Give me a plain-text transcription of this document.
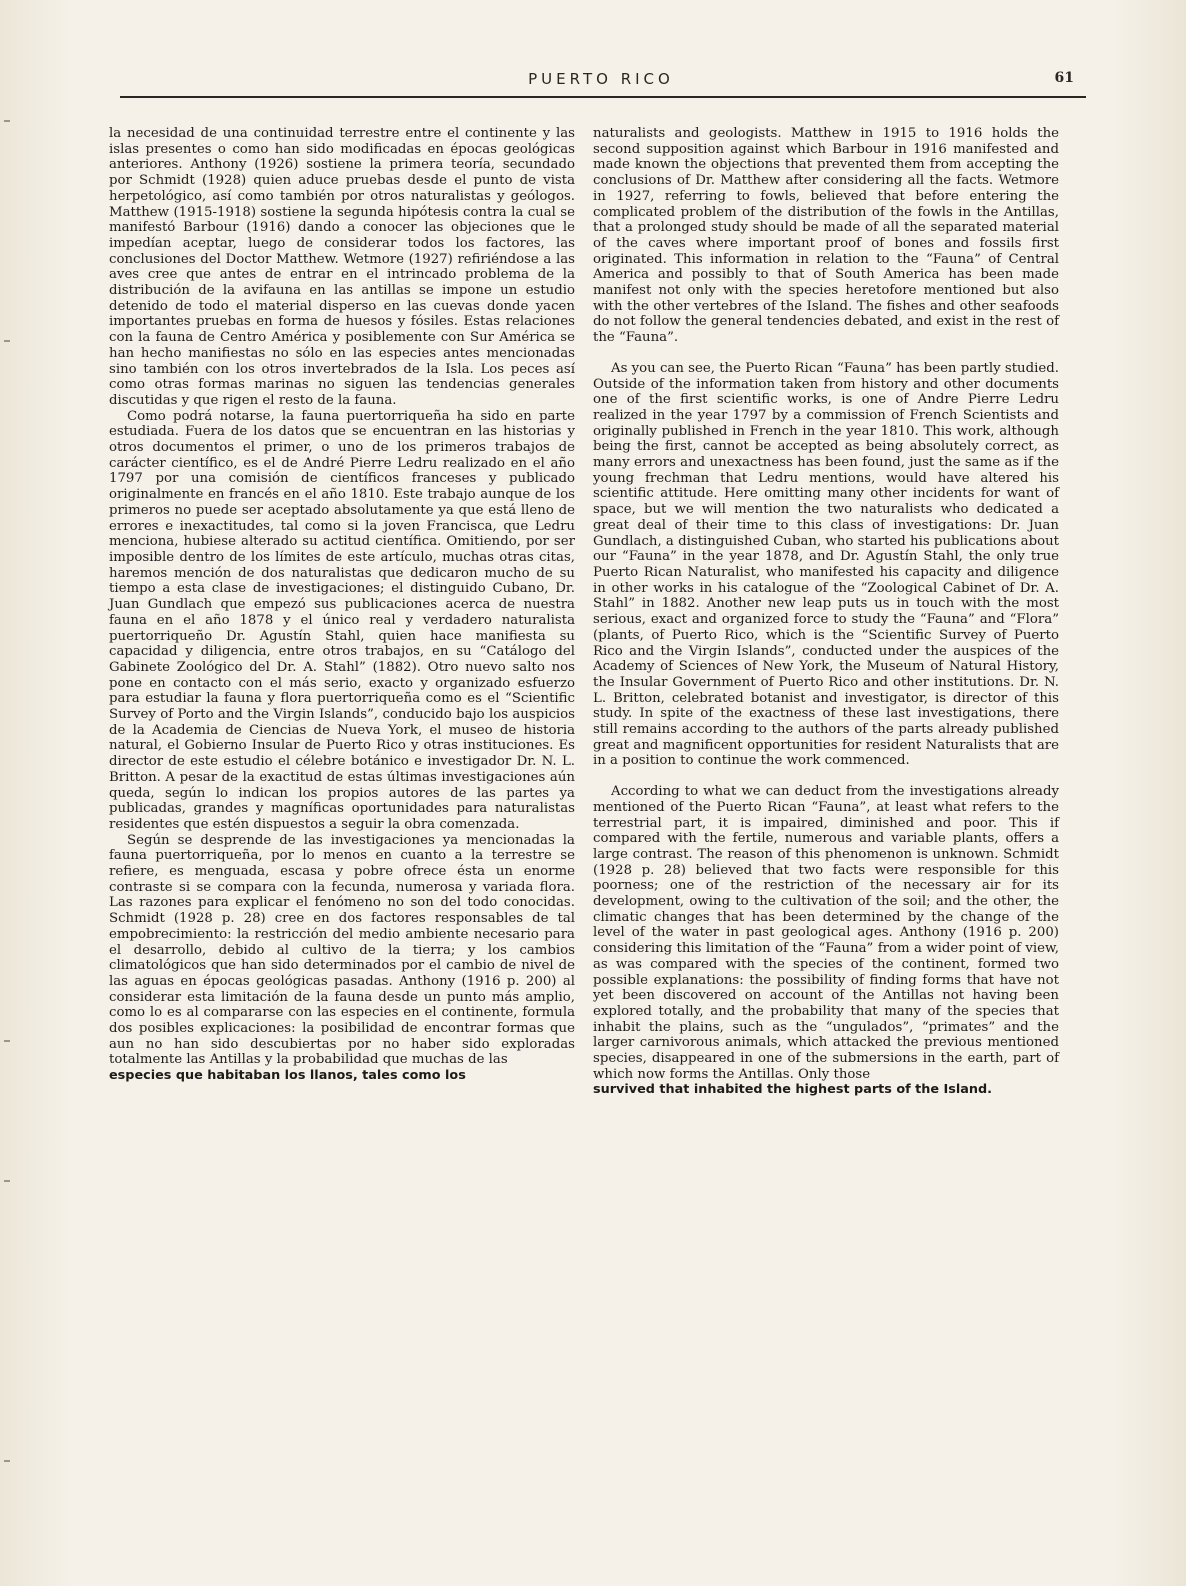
PUERTO RICO	61

la necesidad de una continuidad terrestre entre el continente y las islas presentes o como han sido modificadas en épocas geológicas anteriores. Anthony (1926) sostiene la primera teoría, secundado por Schmidt (1928) quien aduce pruebas desde el punto de vista herpetológico, así como también por otros naturalistas y geólogos. Matthew (1915-1918) sostiene la segunda hipótesis contra la cual se manifestó Barbour (1916) dando a conocer las objeciones que le impedían aceptar, luego de considerar todos los factores, las conclusiones del Doctor Matthew. Wetmore (1927) refiriéndose a las aves cree que antes de entrar en el intrincado problema de la distribución de la avifauna en las antillas se impone un estudio detenido de todo el material disperso en las cuevas donde yacen importantes pruebas en forma de huesos y fósiles. Estas relaciones con la fauna de Centro América y posiblemente con Sur América se han hecho manifiestas no sólo en las especies antes mencionadas sino también con los otros invertebrados de la Isla. Los peces así como otras formas marinas no siguen las tendencias generales discutidas y que rigen el resto de la fauna.

Como podrá notarse, la fauna puertorriqueña ha sido en parte estudiada. Fuera de los datos que se encuentran en las historias y otros documentos el primer, o uno de los primeros trabajos de carácter científico, es el de André Pierre Ledru realizado en el año 1797 por una comisión de científicos franceses y publicado originalmente en francés en el año 1810. Este trabajo aunque de los primeros no puede ser aceptado absolutamente ya que está lleno de errores e inexactitudes, tal como si la joven Francisca, que Ledru menciona, hubiese alterado su actitud científica. Omitiendo, por ser imposible dentro de los límites de este artículo, muchas otras citas, haremos mención de dos naturalistas que dedicaron mucho de su tiempo a esta clase de investigaciones; el distinguido Cubano, Dr. Juan Gundlach que empezó sus publicaciones acerca de nuestra fauna en el año 1878 y el único real y verdadero naturalista puertorriqueño Dr. Agustín Stahl, quien hace manifiesta su capacidad y diligencia, entre otros trabajos, en su “Catálogo del Gabinete Zoológico del Dr. A. Stahl” (1882). Otro nuevo salto nos pone en contacto con el más serio, exacto y organizado esfuerzo para estudiar la fauna y flora puertorriqueña como es el “Scientific Survey of Porto and the Virgin Islands”, conducido bajo los auspicios de la Academia de Ciencias de Nueva York, el museo de historia natural, el Gobierno Insular de Puerto Rico y otras instituciones. Es director de este estudio el célebre botánico e investigador Dr. N. L. Britton. A pesar de la exactitud de estas últimas investigaciones aún queda, según lo indican los propios autores de las partes ya publicadas, grandes y magníficas oportunidades para naturalistas residentes que estén dispuestos a seguir la obra comenzada.

Según se desprende de las investigaciones ya mencionadas la fauna puertorriqueña, por lo menos en cuanto a la terrestre se refiere, es menguada, escasa y pobre ofrece ésta un enorme contraste si se compara con la fecunda, numerosa y variada flora. Las razones para explicar el fenómeno no son del todo conocidas. Schmidt (1928 p. 28) cree en dos factores responsables de tal empobrecimiento: la restricción del medio ambiente necesario para el desarrollo, debido al cultivo de la tierra; y los cambios climatológicos que han sido determinados por el cambio de nivel de las aguas en épocas geológicas pasadas. Anthony (1916 p. 200) al considerar esta limitación de la fauna desde un punto más amplio, como lo es al compararse con las especies en el continente, formula dos posibles explicaciones: la posibilidad de encontrar formas que aun no han sido descubiertas por no haber sido exploradas totalmente las Antillas y la probabilidad que muchas de las

especies que habitaban los llanos, tales como los

naturalists and geologists. Matthew in 1915 to 1916 holds the second supposition against which Barbour in 1916 manifested and made known the objections that prevented them from accepting the conclusions of Dr. Matthew after considering all the facts. Wetmore in 1927, referring to fowls, believed that before entering the complicated problem of the distribution of the fowls in the Antillas, that a prolonged study should be made of all the separated material of the caves where important proof of bones and fossils first originated. This information in relation to the “Fauna” of Central America and possibly to that of South America has been made manifest not only with the species heretofore mentioned but also with the other vertebres of the Island. The fishes and other seafoods do not follow the general tendencies debated, and exist in the rest of the “Fauna”.

As you can see, the Puerto Rican “Fauna” has been partly studied. Outside of the information taken from history and other documents one of the first scientific works, is one of Andre Pierre Ledru realized in the year 1797 by a commission of French Scientists and originally published in French in the year 1810. This work, although being the first, cannot be accepted as being absolutely correct, as many errors and unexactness has been found, just the same as if the young frechman that Ledru mentions, would have altered his scientific attitude. Here omitting many other incidents for want of space, but we will mention the two naturalists who dedicated a great deal of their time to this class of investigations: Dr. Juan Gundlach, a distinguished Cuban, who started his publications about our “Fauna” in the year 1878, and Dr. Agustín Stahl, the only true Puerto Rican Naturalist, who manifested his capacity and diligence in other works in his catalogue of the “Zoological Cabinet of Dr. A. Stahl” in 1882. Another new leap puts us in touch with the most serious, exact and organized force to study the “Fauna” and “Flora” (plants, of Puerto Rico, which is the “Scientific Survey of Puerto Rico and the Virgin Islands”, conducted under the auspices of the Academy of Sciences of New York, the Museum of Natural History, the Insular Government of Puerto Rico and other institutions. Dr. N. L. Britton, celebrated botanist and investigator, is director of this study. In spite of the exactness of these last investigations, there still remains according to the authors of the parts already published great and magnificent opportunities for resident Naturalists that are in a position to continue the work commenced.

According to what we can deduct from the investigations already mentioned of the Puerto Rican “Fauna”, at least what refers to the terrestrial part, it is impaired, diminished and poor. This if compared with the fertile, numerous and variable plants, offers a large contrast. The reason of this phenomenon is unknown. Schmidt (1928 p. 28) believed that two facts were responsible for this poorness; one of the restriction of the necessary air for its development, owing to the cultivation of the soil; and the other, the climatic changes that has been determined by the change of the level of the water in past geological ages. Anthony (1916 p. 200) considering this limitation of the “Fauna” from a wider point of view, as was compared with the species of the continent, formed two possible explanations: the possibility of finding forms that have not yet been discovered on account of the Antillas not having been explored totally, and the probability that many of the species that inhabit the plains, such as the “ungulados”, “primates” and the larger carnivorous animals, which attacked the previous mentioned species, disappeared in one of the submersions in the earth, part of which now forms the Antillas. Only those

survived that inhabited the highest parts of the Island.
